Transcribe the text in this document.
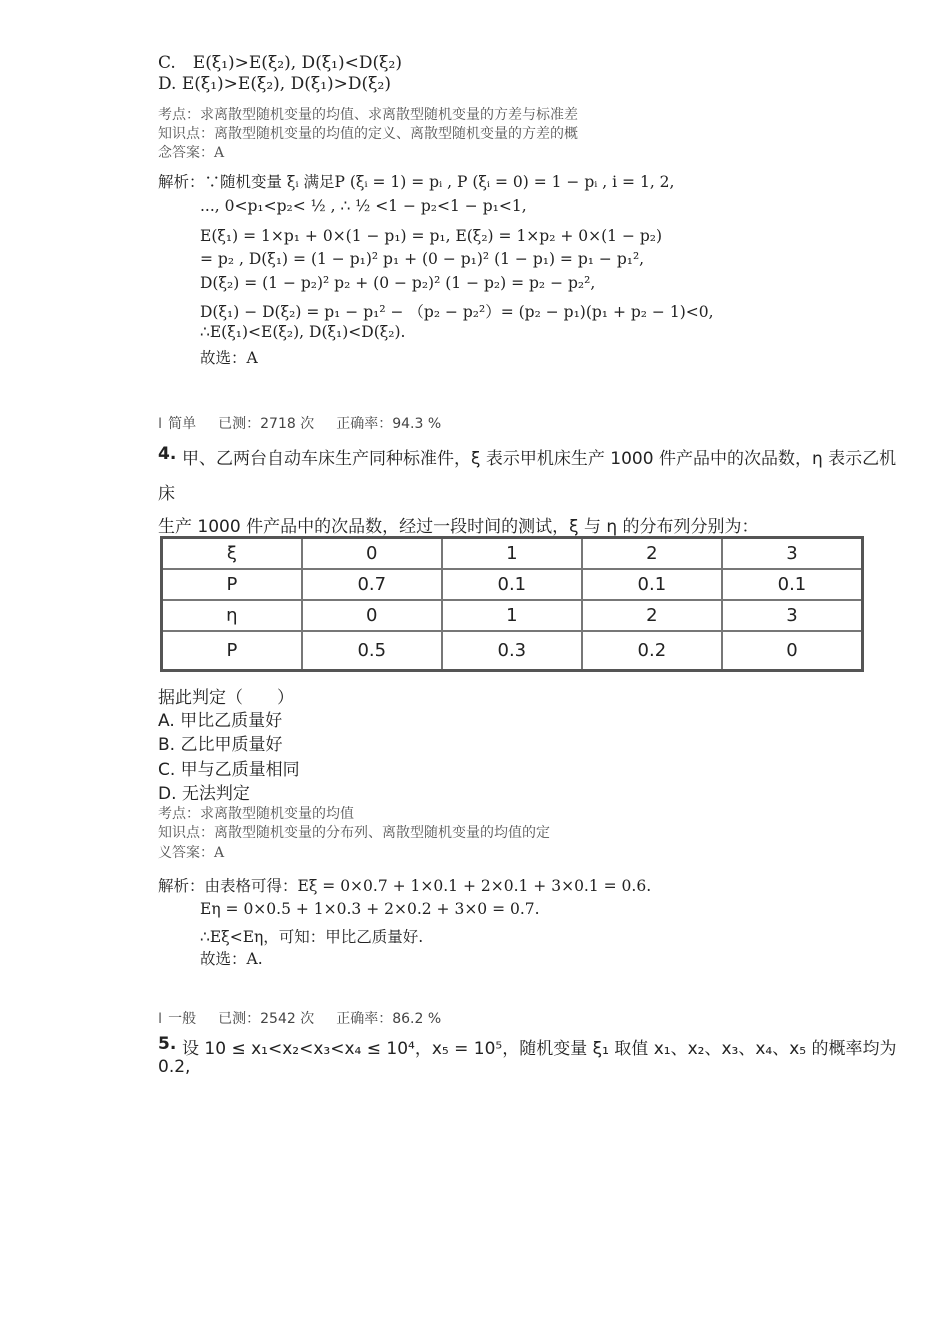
C.　E(ξ₁)>E(ξ₂), D(ξ₁)<D(ξ₂)
D. E(ξ₁)>E(ξ₂), D(ξ₁)>D(ξ₂)
考点：求离散型随机变量的均值、求离散型随机变量的方差与标准差
知识点：离散型随机变量的均值的定义、离散型随机变量的方差的概
念答案：A
解析：∵随机变量 ξᵢ 满足P (ξᵢ = 1) = pᵢ , P (ξᵢ = 0) = 1 − pᵢ , i = 1, 2,
..., 0<p₁<p₂< ½ , ∴ ½ <1 − p₂<1 − p₁<1,
E(ξ₁) = 1×p₁ + 0×(1 − p₁) = p₁, E(ξ₂) = 1×p₂ + 0×(1 − p₂)
= p₂ , D(ξ₁) = (1 − p₁)² p₁ + (0 − p₁)² (1 − p₁) = p₁ − p₁²,
D(ξ₂) = (1 − p₂)² p₂ + (0 − p₂)² (1 − p₂) = p₂ − p₂²,
D(ξ₁) − D(ξ₂) = p₁ − p₁² − （p₂ − p₂²）= (p₂ − p₁)(p₁ + p₂ − 1)<0,
∴E(ξ₁)<E(ξ₂), D(ξ₁)<D(ξ₂).
故选：A
I 简单 已测：2718 次 正确率：94.3 %
4. 甲、乙两台自动车床生产同种标准件，ξ 表示甲机床生产 1000 件产品中的次品数，η 表示乙机
床
生产 1000 件产品中的次品数，经过一段时间的测试，ξ 与 η 的分布列分别为：
ξ	0	1	2	3
P	0.7	0.1	0.1	0.1
η	0	1	2	3
P	0.5	0.3	0.2	0
据此判定（　　）
A. 甲比乙质量好
B. 乙比甲质量好
C. 甲与乙质量相同
D. 无法判定
考点：求离散型随机变量的均值
知识点：离散型随机变量的分布列、离散型随机变量的均值的定
义答案：A
解析：由表格可得：Eξ = 0×0.7 + 1×0.1 + 2×0.1 + 3×0.1 = 0.6.
Eη = 0×0.5 + 1×0.3 + 2×0.2 + 3×0 = 0.7.
∴Eξ<Eη，可知：甲比乙质量好.
故选：A.
I 一般 已测：2542 次 正确率：86.2 %
5. 设 10 ≤ x₁<x₂<x₃<x₄ ≤ 10⁴，x₅ = 10⁵，随机变量 ξ₁ 取值 x₁、x₂、x₃、x₄、x₅ 的概率均为
0.2,
